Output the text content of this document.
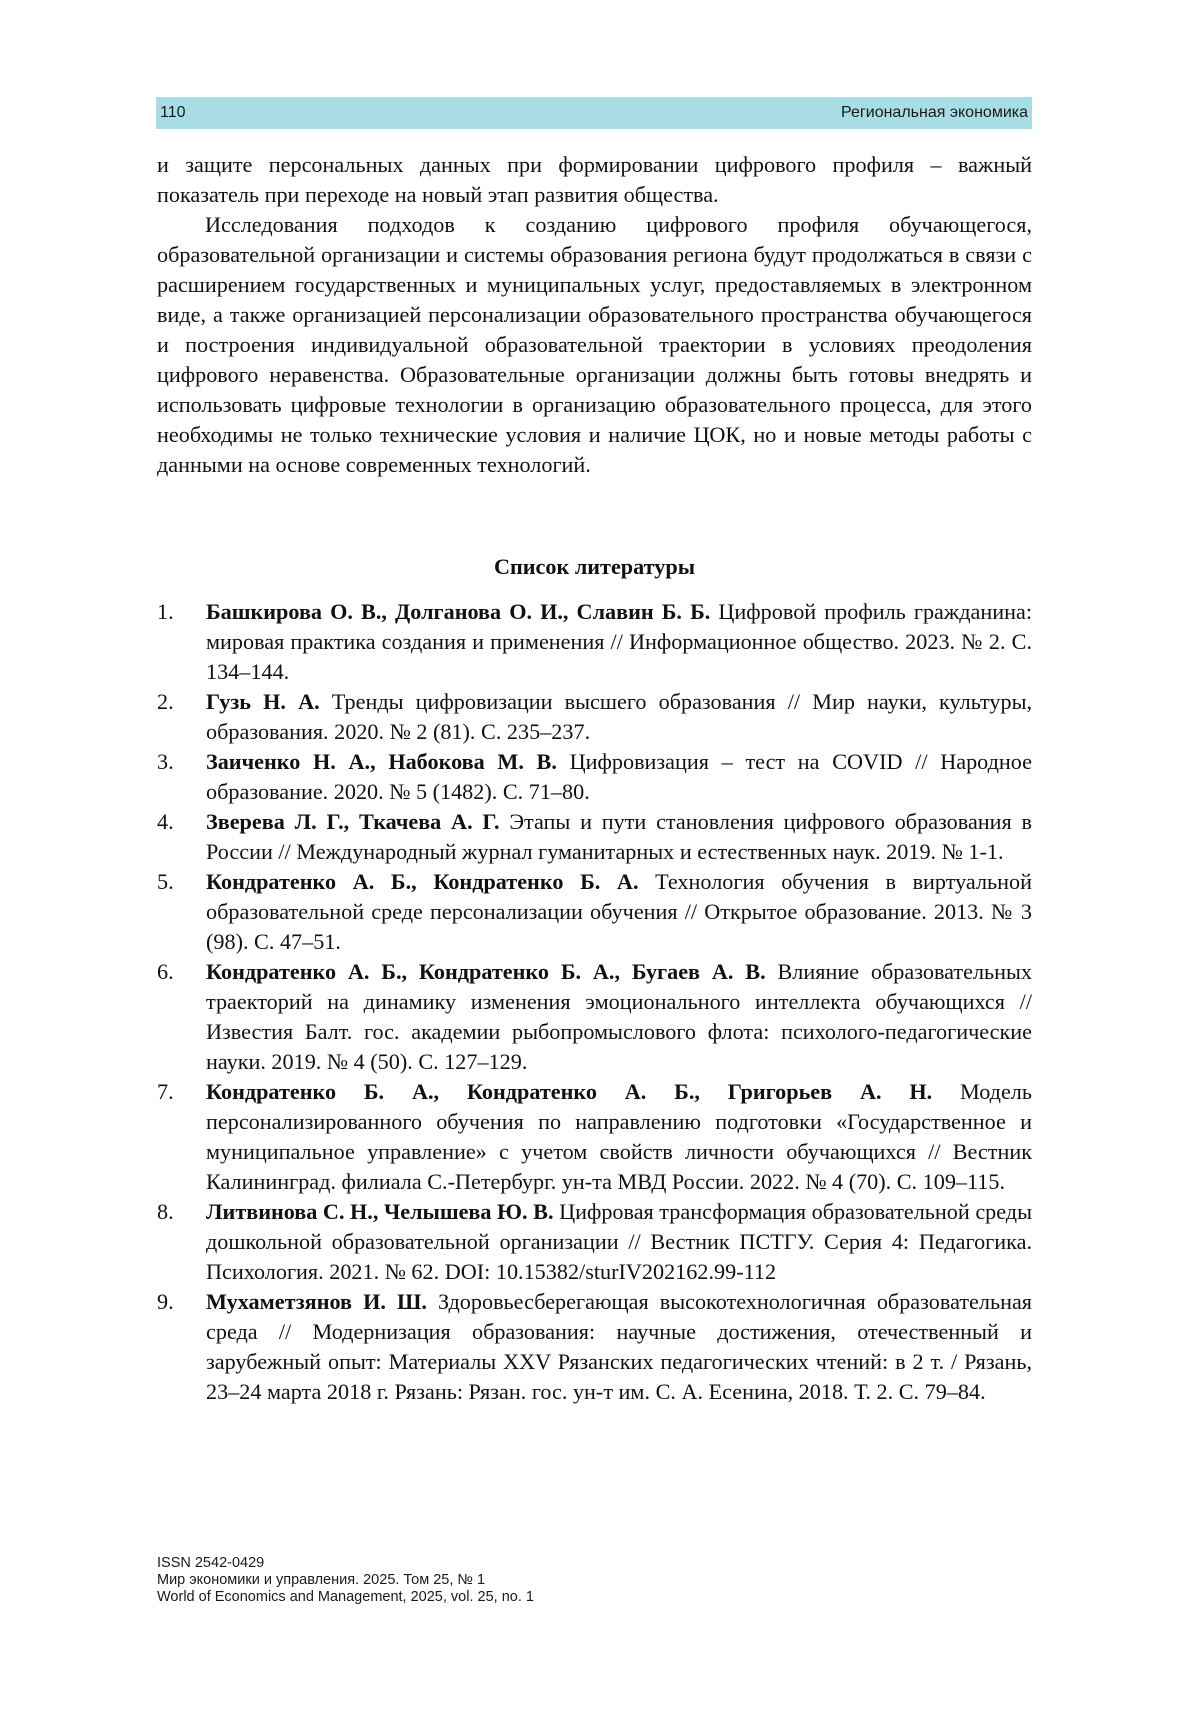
110	Региональная экономика

и защите персональных данных при формировании цифрового профиля – важный показатель при переходе на новый этап развития общества.

Исследования подходов к созданию цифрового профиля обучающегося, образовательной организации и системы образования региона будут продолжаться в связи с расширением государственных и муниципальных услуг, предоставляемых в электронном виде, а также организацией персонализации образовательного пространства обучающегося и построения индивидуальной образовательной траектории в условиях преодоления цифрового неравенства. Образовательные организации должны быть готовы внедрять и использовать цифровые технологии в организацию образовательного процесса, для этого необходимы не только технические условия и наличие ЦОК, но и новые методы работы с данными на основе современных технологий.

Список литературы
1. Башкирова О. В., Долганова О. И., Славин Б. Б. Цифровой профиль гражданина: мировая практика создания и применения // Информационное общество. 2023. № 2. С. 134–144.
2. Гузь Н. А. Тренды цифровизации высшего образования // Мир науки, культуры, образования. 2020. № 2 (81). С. 235–237.
3. Заиченко Н. А., Набокова М. В. Цифровизация – тест на COVID // Народное образование. 2020. № 5 (1482). С. 71–80.
4. Зверева Л. Г., Ткачева А. Г. Этапы и пути становления цифрового образования в России // Международный журнал гуманитарных и естественных наук. 2019. № 1-1.
5. Кондратенко А. Б., Кондратенко Б. А. Технология обучения в виртуальной образовательной среде персонализации обучения // Открытое образование. 2013. № 3 (98). С. 47–51.
6. Кондратенко А. Б., Кондратенко Б. А., Бугаев А. В. Влияние образовательных траекторий на динамику изменения эмоционального интеллекта обучающихся // Известия Балт. гос. академии рыбопромыслового флота: психолого-педагогические науки. 2019. № 4 (50). С. 127–129.
7. Кондратенко Б. А., Кондратенко А. Б., Григорьев А. Н. Модель персонализированного обучения по направлению подготовки «Государственное и муниципальное управление» с учетом свойств личности обучающихся // Вестник Калининград. филиала С.-Петербург. ун-та МВД России. 2022. № 4 (70). С. 109–115.
8. Литвинова С. Н., Челышева Ю. В. Цифровая трансформация образовательной среды дошкольной образовательной организации // Вестник ПСТГУ. Серия 4: Педагогика. Психология. 2021. № 62. DOI: 10.15382/sturIV202162.99-112
9. Мухаметзянов И. Ш. Здоровьесберегающая высокотехнологичная образовательная среда // Модернизация образования: научные достижения, отечественный и зарубежный опыт: Материалы XXV Рязанских педагогических чтений: в 2 т. / Рязань, 23–24 марта 2018 г. Рязань: Рязан. гос. ун-т им. С. А. Есенина, 2018. Т. 2. С. 79–84.
ISSN 2542-0429
Мир экономики и управления. 2025. Том 25, № 1
World of Economics and Management, 2025, vol. 25, no. 1
